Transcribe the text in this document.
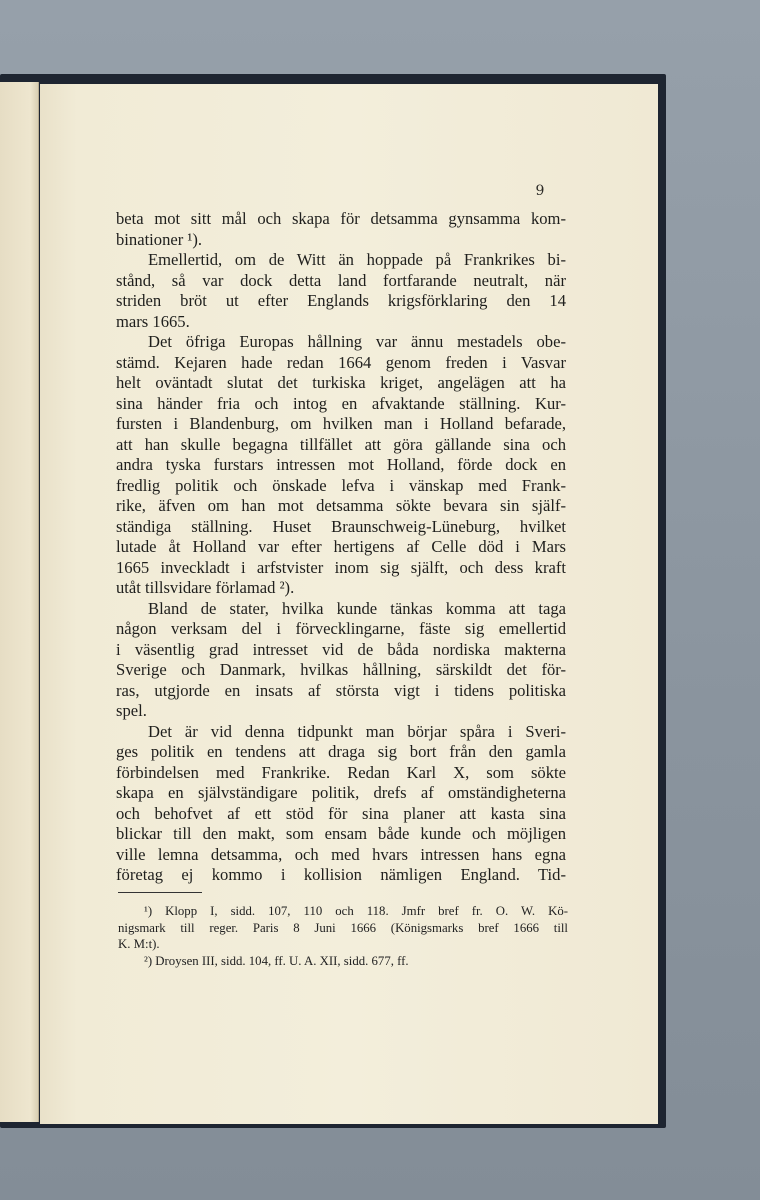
9
beta mot sitt mål och skapa för detsamma gynsamma kom-
binationer ¹).
Emellertid, om de Witt än hoppade på Frankrikes bi-
stånd, så var dock detta land fortfarande neutralt, när
striden bröt ut efter Englands krigsförklaring den 14
mars 1665.
Det öfriga Europas hållning var ännu mestadels obe-
stämd. Kejaren hade redan 1664 genom freden i Vasvar
helt oväntadt slutat det turkiska kriget, angelägen att ha
sina händer fria och intog en afvaktande ställning. Kur-
fursten i Blandenburg, om hvilken man i Holland befarade,
att han skulle begagna tillfället att göra gällande sina och
andra tyska furstars intressen mot Holland, förde dock en
fredlig politik och önskade lefva i vänskap med Frank-
rike, äfven om han mot detsamma sökte bevara sin själf-
ständiga ställning. Huset Braunschweig-Lüneburg, hvilket
lutade åt Holland var efter hertigens af Celle död i Mars
1665 inveckladt i arfstvister inom sig själft, och dess kraft
utåt tillsvidare förlamad ²).
Bland de stater, hvilka kunde tänkas komma att taga
någon verksam del i förvecklingarne, fäste sig emellertid
i väsentlig grad intresset vid de båda nordiska makterna
Sverige och Danmark, hvilkas hållning, särskildt det för-
ras, utgjorde en insats af största vigt i tidens politiska
spel.
Det är vid denna tidpunkt man börjar spåra i Sveri-
ges politik en tendens att draga sig bort från den gamla
förbindelsen med Frankrike. Redan Karl X, som sökte
skapa en självständigare politik, drefs af omständigheterna
och behofvet af ett stöd för sina planer att kasta sina
blickar till den makt, som ensam både kunde och möjligen
ville lemna detsamma, och med hvars intressen hans egna
företag ej kommo i kollision nämligen England. Tid-
¹) Klopp I, sidd. 107, 110 och 118. Jmfr bref fr. O. W. Kö-
nigsmark till reger. Paris 8 Juni 1666 (Königsmarks bref 1666 till
K. M:t).
²) Droysen III, sidd. 104, ff. U. A. XII, sidd. 677, ff.
